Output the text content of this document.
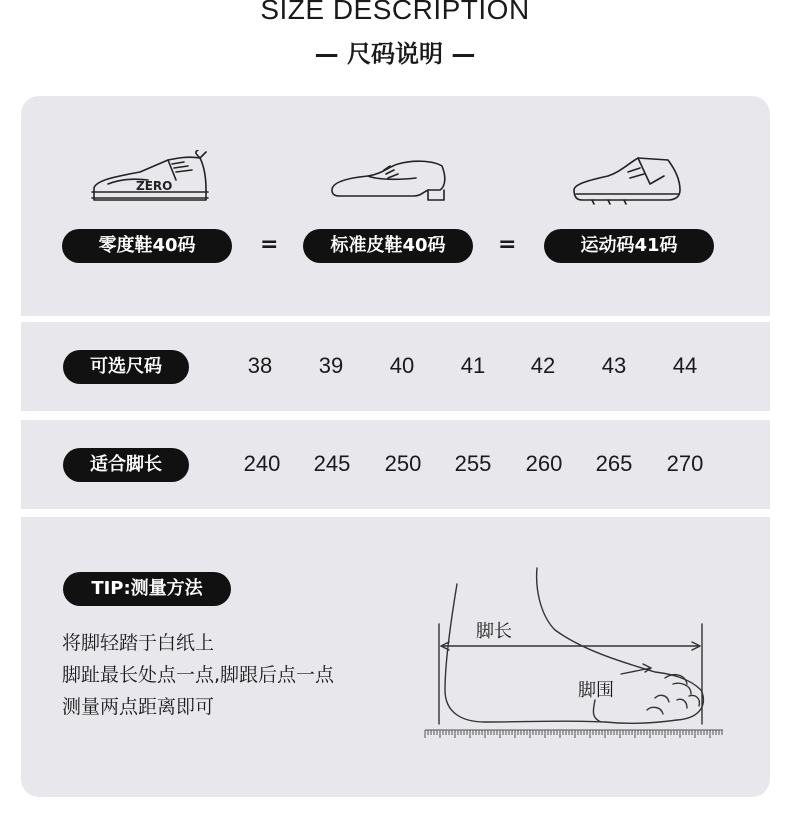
SIZE DESCRIPTION
— 尺码说明 —
ZERO
零度鞋40码	=	标准皮鞋40码	=	运动码41码
可选尺码	38	39	40	41	42	43	44
适合脚长	240	245	250	255	260	265	270
TIP:测量方法
将脚轻踏于白纸上
脚趾最长处点一点,脚跟后点一点
测量两点距离即可
脚长
脚围
